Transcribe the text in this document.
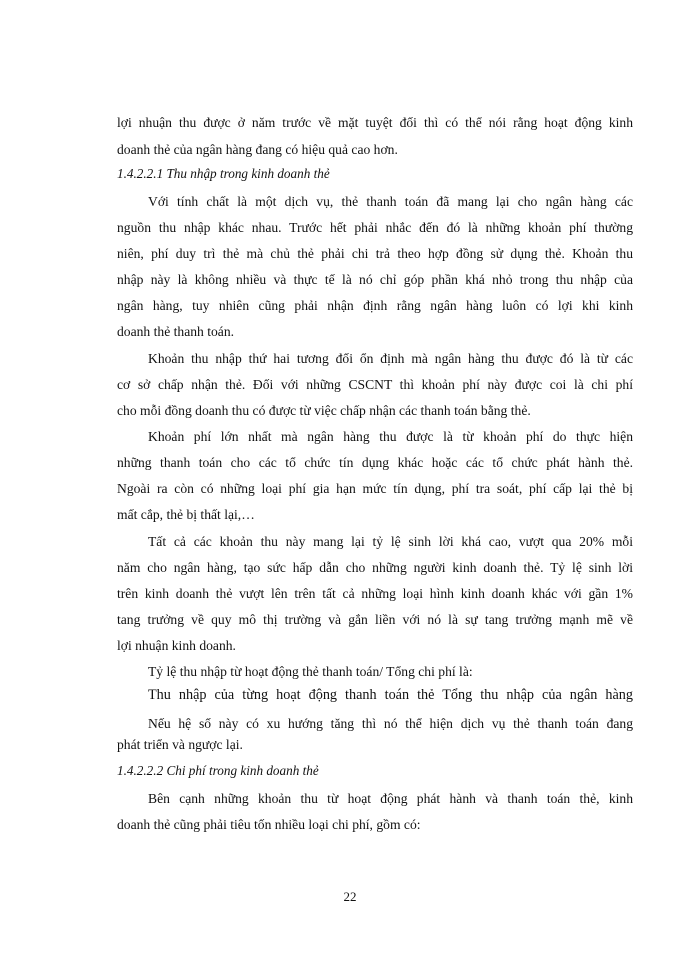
lợi nhuận thu được ở năm trước về mặt tuyệt đối thì có thể nói rằng hoạt động kinh
doanh thẻ của ngân hàng đang có hiệu quả cao hơn.
1.4.2.2.1 Thu nhập trong kinh doanh thẻ
Với tính chất là một dịch vụ, thẻ thanh toán đã mang lại cho ngân hàng các
nguồn thu nhập khác nhau. Trước hết phải nhắc đến đó là những khoản phí thường
niên, phí duy trì thẻ mà chủ thẻ phải chi trả theo hợp đồng sử dụng thẻ. Khoản thu
nhập này là không nhiều và thực tế là nó chỉ góp phần khá nhỏ trong thu nhập của
ngân hàng, tuy nhiên cũng phải nhận định rằng ngân hàng luôn có lợi khi kinh
doanh thẻ thanh toán.
Khoản thu nhập thứ hai tương đối ổn định mà ngân hàng thu được đó là từ các
cơ sở chấp nhận thẻ. Đối với những CSCNT thì khoản phí này được coi là chi phí
cho mỗi đồng doanh thu có được từ việc chấp nhận các thanh toán bằng thẻ.
Khoản phí lớn nhất mà ngân hàng thu được là từ khoản phí do thực hiện
những thanh toán cho các tổ chức tín dụng khác hoặc các tổ chức phát hành thẻ.
Ngoài ra còn có những loại phí gia hạn mức tín dụng, phí tra soát, phí cấp lại thẻ bị
mất cắp, thẻ bị thất lại,…
Tất cả các khoản thu này mang lại tỷ lệ sinh lời khá cao, vượt qua 20% mỗi
năm cho ngân hàng, tạo sức hấp dẫn cho những người kinh doanh thẻ. Tỷ lệ sinh lời
trên kinh doanh thẻ vượt lên trên tất cả những loại hình kinh doanh khác với gần 1%
tang trưởng về quy mô thị trường và gắn liền với nó là sự tang trưởng mạnh mẽ về
lợi nhuận kinh doanh.
Tỷ lệ thu nhập từ hoạt động thẻ thanh toán/ Tổng chi phí là:
Thu nhập của từng hoạt động thanh toán thẻ Tổng thu nhập của ngân hàng
Nếu hệ số này có xu hướng tăng thì nó thể hiện dịch vụ thẻ thanh toán đang
phát triển và ngược lại.
1.4.2.2.2 Chi phí trong kinh doanh thẻ
Bên cạnh những khoản thu từ hoạt động phát hành và thanh toán thẻ, kinh
doanh thẻ cũng phải tiêu tốn nhiều loại chi phí, gồm có:
22
